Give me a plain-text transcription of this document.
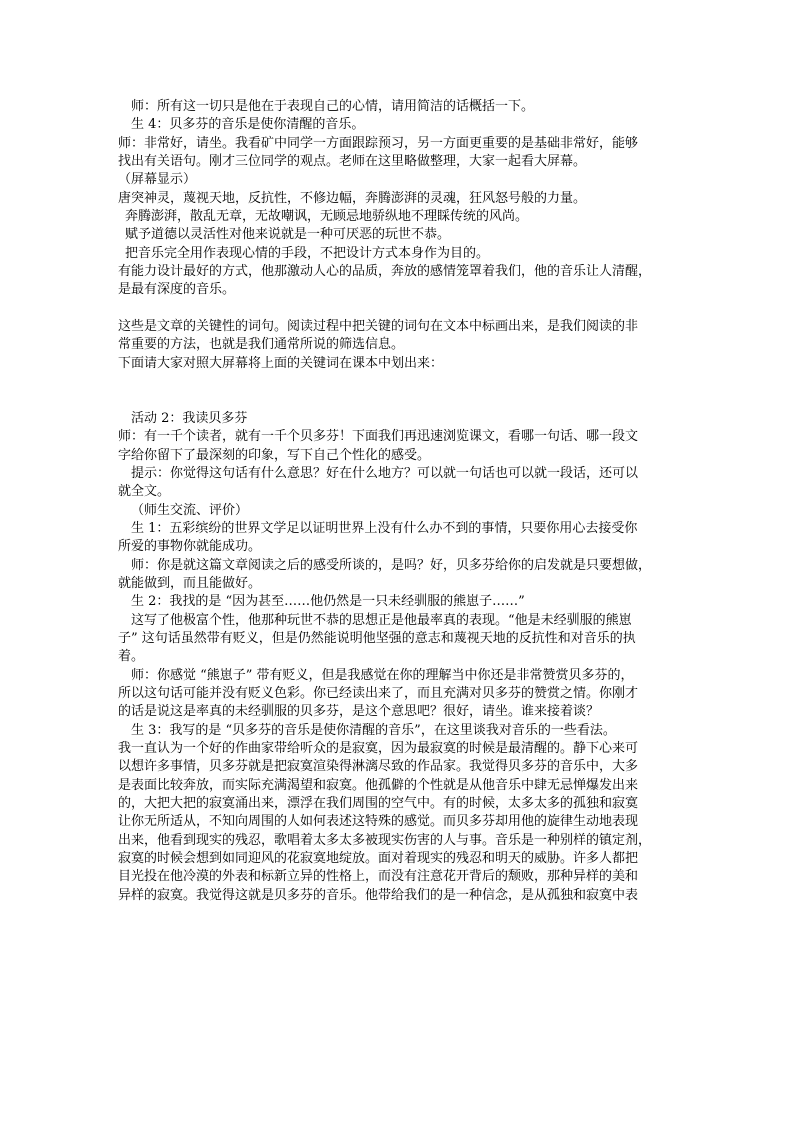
师：所有这一切只是他在于表现自己的心情，请用简洁的话概括一下。
生 4：贝多芬的音乐是使你清醒的音乐。
师：非常好，请坐。我看矿中同学一方面跟踪预习，另一方面更重要的是基础非常好，能够
找出有关语句。刚才三位同学的观点。老师在这里略做整理，大家一起看大屏幕。
（屏幕显示）
唐突神灵，蔑视天地，反抗性，不修边幅，奔腾澎湃的灵魂，狂风怒号般的力量。
奔腾澎湃，散乱无章，无故嘲讽，无顾忌地骄纵地不理睬传统的风尚。
赋予道德以灵活性对他来说就是一种可厌恶的玩世不恭。
把音乐完全用作表现心情的手段，不把设计方式本身作为目的。
有能力设计最好的方式，他那激动人心的品质，奔放的感情笼罩着我们，他的音乐让人清醒，
是最有深度的音乐。
这些是文章的关键性的词句。阅读过程中把关键的词句在文本中标画出来，是我们阅读的非
常重要的方法，也就是我们通常所说的筛选信息。
下面请大家对照大屏幕将上面的关键词在课本中划出来：
活动 2：我读贝多芬
师：有一千个读者，就有一千个贝多芬！下面我们再迅速浏览课文，看哪一句话、哪一段文
字给你留下了最深刻的印象，写下自己个性化的感受。
提示：你觉得这句话有什么意思？好在什么地方？可以就一句话也可以就一段话，还可以
就全文。
（师生交流、评价）
生 1：五彩缤纷的世界文学足以证明世界上没有什么办不到的事情，只要你用心去接受你
所爱的事物你就能成功。
师：你是就这篇文章阅读之后的感受所谈的，是吗？好，贝多芬给你的启发就是只要想做，
就能做到，而且能做好。
生 2：我找的是 “因为甚至……他仍然是一只未经驯服的熊崽子……”
这写了他极富个性，他那种玩世不恭的思想正是他最率真的表现。“他是未经驯服的熊崽
子” 这句话虽然带有贬义，但是仍然能说明他坚强的意志和蔑视天地的反抗性和对音乐的执
着。
师：你感觉 “熊崽子” 带有贬义，但是我感觉在你的理解当中你还是非常赞赏贝多芬的，
所以这句话可能并没有贬义色彩。你已经读出来了，而且充满对贝多芬的赞赏之情。你刚才
的话是说这是率真的未经驯服的贝多芬，是这个意思吧？很好，请坐。谁来接着谈？
生 3：我写的是 “贝多芬的音乐是使你清醒的音乐”，在这里谈我对音乐的一些看法。
我一直认为一个好的作曲家带给听众的是寂寞，因为最寂寞的时候是最清醒的。静下心来可
以想许多事情，贝多芬就是把寂寞渲染得淋漓尽致的作品家。我觉得贝多芬的音乐中，大多
是表面比较奔放，而实际充满渴望和寂寞。他孤僻的个性就是从他音乐中肆无忌惮爆发出来
的，大把大把的寂寞涌出来，漂浮在我们周围的空气中。有的时候，太多太多的孤独和寂寞
让你无所适从，不知向周围的人如何表述这特殊的感觉。而贝多芬却用他的旋律生动地表现
出来，他看到现实的残忍，歌唱着太多太多被现实伤害的人与事。音乐是一种别样的镇定剂，
寂寞的时候会想到如同迎风的花寂寞地绽放。面对着现实的残忍和明天的威胁。许多人都把
目光投在他冷漠的外表和标新立异的性格上，而没有注意花开背后的颓败，那种异样的美和
异样的寂寞。我觉得这就是贝多芬的音乐。他带给我们的是一种信念，是从孤独和寂寞中表
